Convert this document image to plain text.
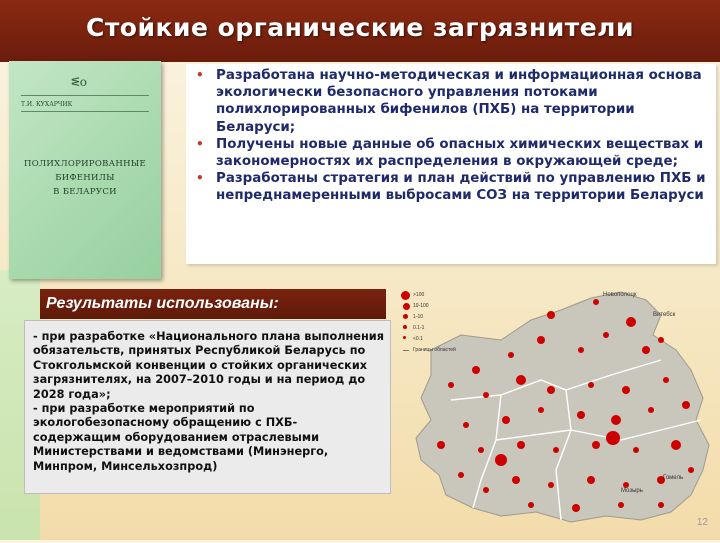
Стойкие органические загрязнители
ᓬo
Т.И. КУХАРЧИК
ПОЛИХЛОРИРОВАННЫЕ
БИФЕНИЛЫ
В БЕЛАРУСИ
• Разработана научно-методическая и информационная основа экологически безопасного управления потоками полихлорированных бифенилов (ПХБ) на территории Беларуси;
• Получены новые данные об опасных химических веществах и закономерностях их распределения в окружающей среде;
• Разработаны стратегия и план действий по управлению ПХБ и непреднамеренными выбросами СОЗ на территории Беларуси
Результаты использованы:

- при разработке «Национального плана выполнения обязательств, принятых Республикой Беларусь по Стокгольмской конвенции о стойких органических загрязнителях, на 2007–2010 годы и на период до 2028 года»;

- при разработке мероприятий по экологобезопасному обращению с ПХБ-содержащим оборудованием отраслевыми Министерствами и ведомствами (Минэнерго, Минпром, Минсельхозпрод)

>100
10-100
1-10
0.1-1
<0.1
Границы областей
Новополоцк
Витебск
Гомель
Мозырь
12
